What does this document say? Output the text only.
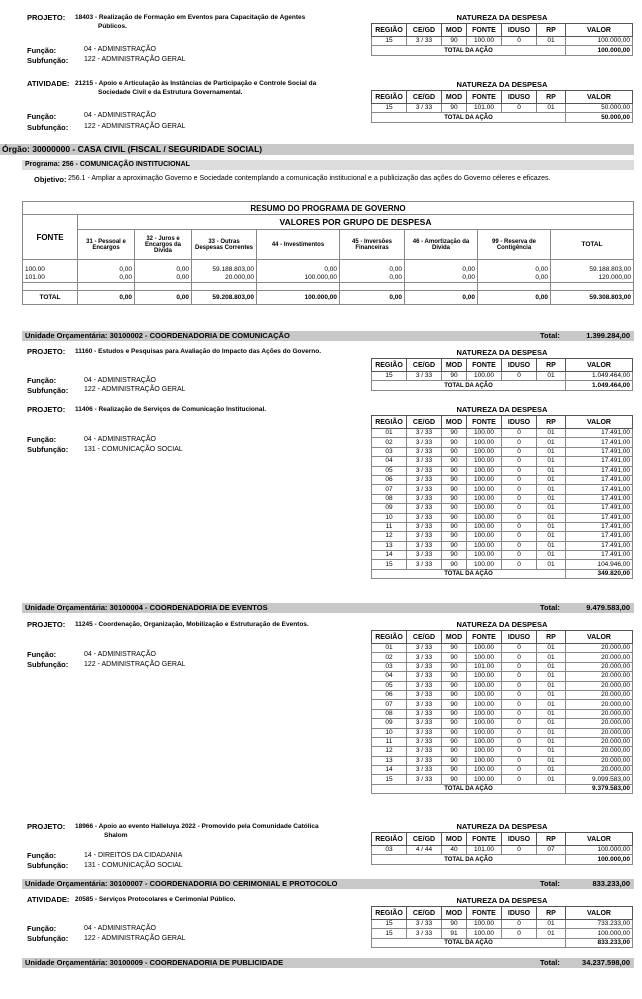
PROJETO: 18403 - Realização de Formação em Eventos para Capacitação de Agentes
Públicos.
Função:	04 - ADMINISTRAÇÃO
Subfunção: 122 - ADMINISTRAÇÃO GERAL
NATUREZA DA DESPESA
REGIÃO	CE/GD	MOD	FONTE	IDUSO	RP	VALOR
15	3 / 33	90	100.00	0	01	100.000,00
TOTAL DA AÇÃO						100.000,00
ATIVIDADE: 21215 - Apoio e Articulação às Instâncias de Participação e Controle Social da
Sociedade Civil e da Estrutura Governamental.
Função:	04 - ADMINISTRAÇÃO
Subfunção: 122 - ADMINISTRAÇÃO GERAL
NATUREZA DA DESPESA
REGIÃO	CE/GD	MOD	FONTE	IDUSO	RP	VALOR
15	3 / 33	90	101.00	0	01	50.000,00
TOTAL DA AÇÃO						50.000,00
Órgão: 30000000 - CASA CIVIL (FISCAL / SEGURIDADE SOCIAL)
Programa: 256 - COMUNICAÇÃO INSTITUCIONAL
Objetivo: 256.1 - Ampliar a aproximação Governo e Sociedade contemplando a comunicação institucional e a publicização das ações do Governo céleres e eficazes.
RESUMO DO PROGRAMA DE GOVERNO								
FONTE	VALORES POR GRUPO DE DESPESA							
	31 - Pessoal e Encargos	32 - Juros e Encargos da Dívida	33 - Outras Despesas Correntes	44 - Investimentos	45 - Inversões Financeiras	46 - Amortização da Dívida	99 - Reserva de Contigência	TOTAL

100.00	0,00	0,00	59.188.803,00	0,00	0,00	0,00	0,00	59.188.803,00
101.00	0,00	0,00	20.000,00	100.000,00	0,00	0,00	0,00	120.000,00

TOTAL	0,00	0,00	59.208.803,00	100.000,00	0,00	0,00	0,00	59.308.803,00
Unidade Orçamentária: 30100002 - COORDENADORIA DE COMUNICAÇÃO	Total:	1.399.284,00
PROJETO: 11160 - Estudos e Pesquisas para Avaliação do Impacto das Ações do Governo.
Função:	04 - ADMINISTRAÇÃO
Subfunção: 122 - ADMINISTRAÇÃO GERAL
NATUREZA DA DESPESA
REGIÃO	CE/GD	MOD	FONTE	IDUSO	RP	VALOR
15	3 / 33	90	100.00	0	01	1.049.464,00
TOTAL DA AÇÃO						1.049.464,00
PROJETO: 11406 - Realização de Serviços de Comunicação Institucional.
Função:	04 - ADMINISTRAÇÃO
Subfunção: 131 - COMUNICAÇÃO SOCIAL
NATUREZA DA DESPESA
REGIÃO	CE/GD	MOD	FONTE	IDUSO	RP	VALOR
01	3 / 33	90	100.00	0	01	17.491,00
02	3 / 33	90	100.00	0	01	17.491,00
03	3 / 33	90	100.00	0	01	17.491,00
04	3 / 33	90	100.00	0	01	17.491,00
05	3 / 33	90	100.00	0	01	17.491,00
06	3 / 33	90	100.00	0	01	17.491,00
07	3 / 33	90	100.00	0	01	17.491,00
08	3 / 33	90	100.00	0	01	17.491,00
09	3 / 33	90	100.00	0	01	17.491,00
10	3 / 33	90	100.00	0	01	17.491,00
11	3 / 33	90	100.00	0	01	17.491,00
12	3 / 33	90	100.00	0	01	17.491,00
13	3 / 33	90	100.00	0	01	17.491,00
14	3 / 33	90	100.00	0	01	17.491,00
15	3 / 33	90	100.00	0	01	104.946,00
TOTAL DA AÇÃO						349.820,00
Unidade Orçamentária: 30100004 - COORDENADORIA DE EVENTOS	Total:	9.479.583,00
PROJETO: 11245 - Coordenação, Organização, Mobilização e Estruturação de Eventos.
Função:	04 - ADMINISTRAÇÃO
Subfunção: 122 - ADMINISTRAÇÃO GERAL
NATUREZA DA DESPESA
REGIÃO	CE/GD	MOD	FONTE	IDUSO	RP	VALOR
01	3 / 33	90	100.00	0	01	20.000,00
02	3 / 33	90	100.00	0	01	20.000,00
03	3 / 33	90	101.00	0	01	20.000,00
04	3 / 33	90	100.00	0	01	20.000,00
05	3 / 33	90	100.00	0	01	20.000,00
06	3 / 33	90	100.00	0	01	20.000,00
07	3 / 33	90	100.00	0	01	20.000,00
08	3 / 33	90	100.00	0	01	20.000,00
09	3 / 33	90	100.00	0	01	20.000,00
10	3 / 33	90	100.00	0	01	20.000,00
11	3 / 33	90	100.00	0	01	20.000,00
12	3 / 33	90	100.00	0	01	20.000,00
13	3 / 33	90	100.00	0	01	20.000,00
14	3 / 33	90	100.00	0	01	20.000,00
15	3 / 33	90	100.00	0	01	9.099.583,00
TOTAL DA AÇÃO						9.379.583,00
PROJETO: 18966 - Apoio ao evento Halleluya 2022 - Promovido pela Comunidade Católica
Shalom
Função:	14 - DIREITOS DA CIDADANIA
Subfunção: 131 - COMUNICAÇÃO SOCIAL
NATUREZA DA DESPESA
REGIÃO	CE/GD	MOD	FONTE	IDUSO	RP	VALOR
03	4 / 44	40	101.00	0	07	100.000,00
TOTAL DA AÇÃO						100.000,00
Unidade Orçamentária: 30100007 - COORDENADORIA DO CERIMONIAL E PROTOCOLO	Total:	833.233,00
ATIVIDADE: 20585 - Serviços Protocolares e Cerimonial Público.
Função:	04 - ADMINISTRAÇÃO
Subfunção: 122 - ADMINISTRAÇÃO GERAL
NATUREZA DA DESPESA
REGIÃO	CE/GD	MOD	FONTE	IDUSO	RP	VALOR
15	3 / 33	90	100.00	0	01	733.233,00
15	3 / 33	91	100.00	0	01	100.000,00
TOTAL DA AÇÃO						833.233,00
Unidade Orçamentária: 30100009 - COORDENADORIA DE PUBLICIDADE	Total:	34.237.598,00
